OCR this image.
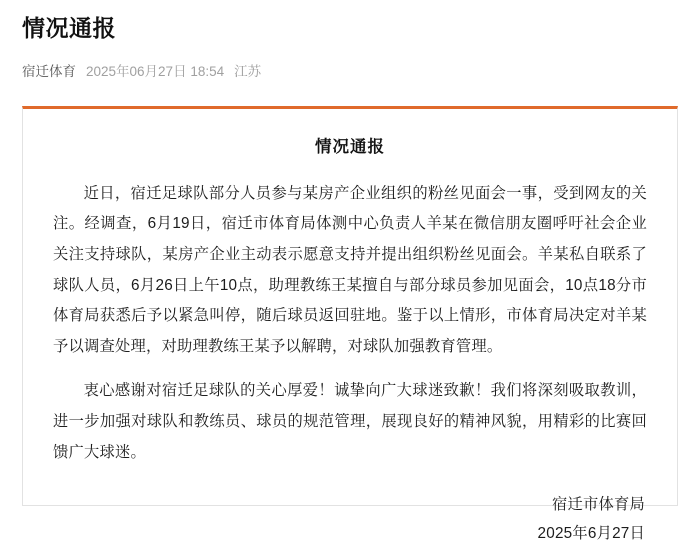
情况通报
宿迁体育 2025年06月27日 18:54 江苏
情况通报

近日，宿迁足球队部分人员参与某房产企业组织的粉丝见面会一事，受到网友的关注。经调查，6月19日，宿迁市体育局体测中心负责人羊某在微信朋友圈呼吁社会企业关注支持球队，某房产企业主动表示愿意支持并提出组织粉丝见面会。羊某私自联系了球队人员，6月26日上午10点，助理教练王某擅自与部分球员参加见面会，10点18分市体育局获悉后予以紧急叫停，随后球员返回驻地。鉴于以上情形，市体育局决定对羊某予以调查处理，对助理教练王某予以解聘，对球队加强教育管理。

衷心感谢对宿迁足球队的关心厚爱！诚挚向广大球迷致歉！我们将深刻吸取教训，进一步加强对球队和教练员、球员的规范管理，展现良好的精神风貌，用精彩的比赛回馈广大球迷。

宿迁市体育局
2025年6月27日
